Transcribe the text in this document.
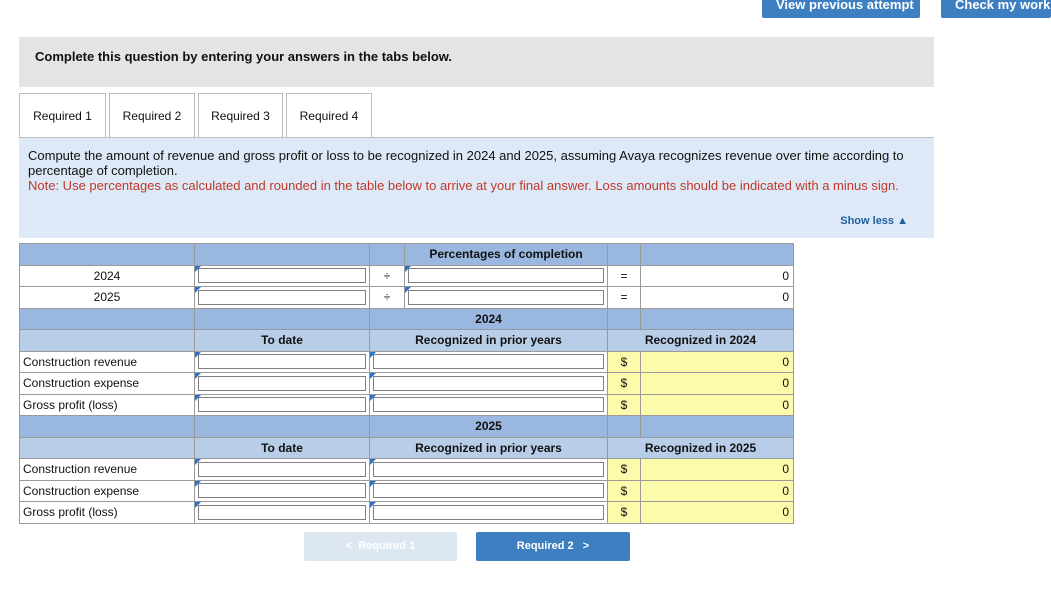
View previous attempt	Check my work
Complete this question by entering your answers in the tabs below.
Required 1	Required 2	Required 3	Required 4
Compute the amount of revenue and gross profit or loss to be recognized in 2024 and 2025, assuming Avaya recognizes revenue over time according to percentage of completion.
Note: Use percentages as calculated and rounded in the table below to arrive at your final answer. Loss amounts should be indicated with a minus sign.
Show less ▲
			Percentages of completion		
2024		÷		=	0
2025		÷		=	0
		2024			
	To date	Recognized in prior years		Recognized in 2024	
Construction revenue				$	0
Construction expense				$	0
Gross profit (loss)				$	0
		2025			
	To date	Recognized in prior years		Recognized in 2025	
Construction revenue				$	0
Construction expense				$	0
Gross profit (loss)				$	0
< Required 1	Required 2 >
